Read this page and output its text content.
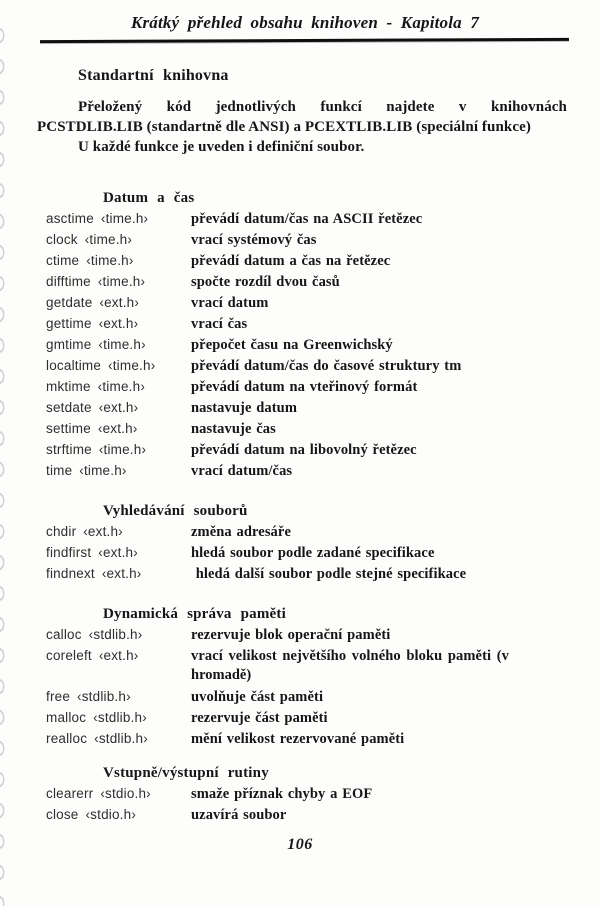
Krátký přehled obsahu knihoven - Kapitola 7
Standartní knihovna
Přeložený kód jednotlivých funkcí najdete v knihovnách
PCSTDLIB.LIB (standartně dle ANSI) a PCEXTLIB.LIB (speciální funkce)
U každé funkce je uveden i definiční soubor.
Datum a čas
asctime ‹time.h›	převádí datum/čas na ASCII řetězec
clock ‹time.h›	vrací systémový čas
ctime ‹time.h›	převádí datum a čas na řetězec
difftime ‹time.h›	spočte rozdíl dvou časů
getdate ‹ext.h›	vrací datum
gettime ‹ext.h›	vrací čas
gmtime ‹time.h›	přepočet času na Greenwichský
localtime ‹time.h›	převádí datum/čas do časové struktury tm
mktime ‹time.h›	převádí datum na vteřinový formát
setdate ‹ext.h›	nastavuje datum
settime ‹ext.h›	nastavuje čas
strftime ‹time.h›	převádí datum na libovolný řetězec
time ‹time.h›	vrací datum/čas
Vyhledávání souborů
chdir ‹ext.h›	změna adresáře
findfirst ‹ext.h›	hledá soubor podle zadané specifikace
findnext ‹ext.h›	hledá další soubor podle stejné specifikace
Dynamická správa paměti
calloc ‹stdlib.h›	rezervuje blok operační paměti
coreleft ‹ext.h›	vrací velikost největšího volného bloku paměti (v
hromadě)
free ‹stdlib.h›	uvolňuje část paměti
malloc ‹stdlib.h›	rezervuje část paměti
realloc ‹stdlib.h›	mění velikost rezervované paměti
Vstupně/výstupní rutiny
clearerr ‹stdio.h›	smaže příznak chyby a EOF
close ‹stdio.h›	uzavírá soubor
106
